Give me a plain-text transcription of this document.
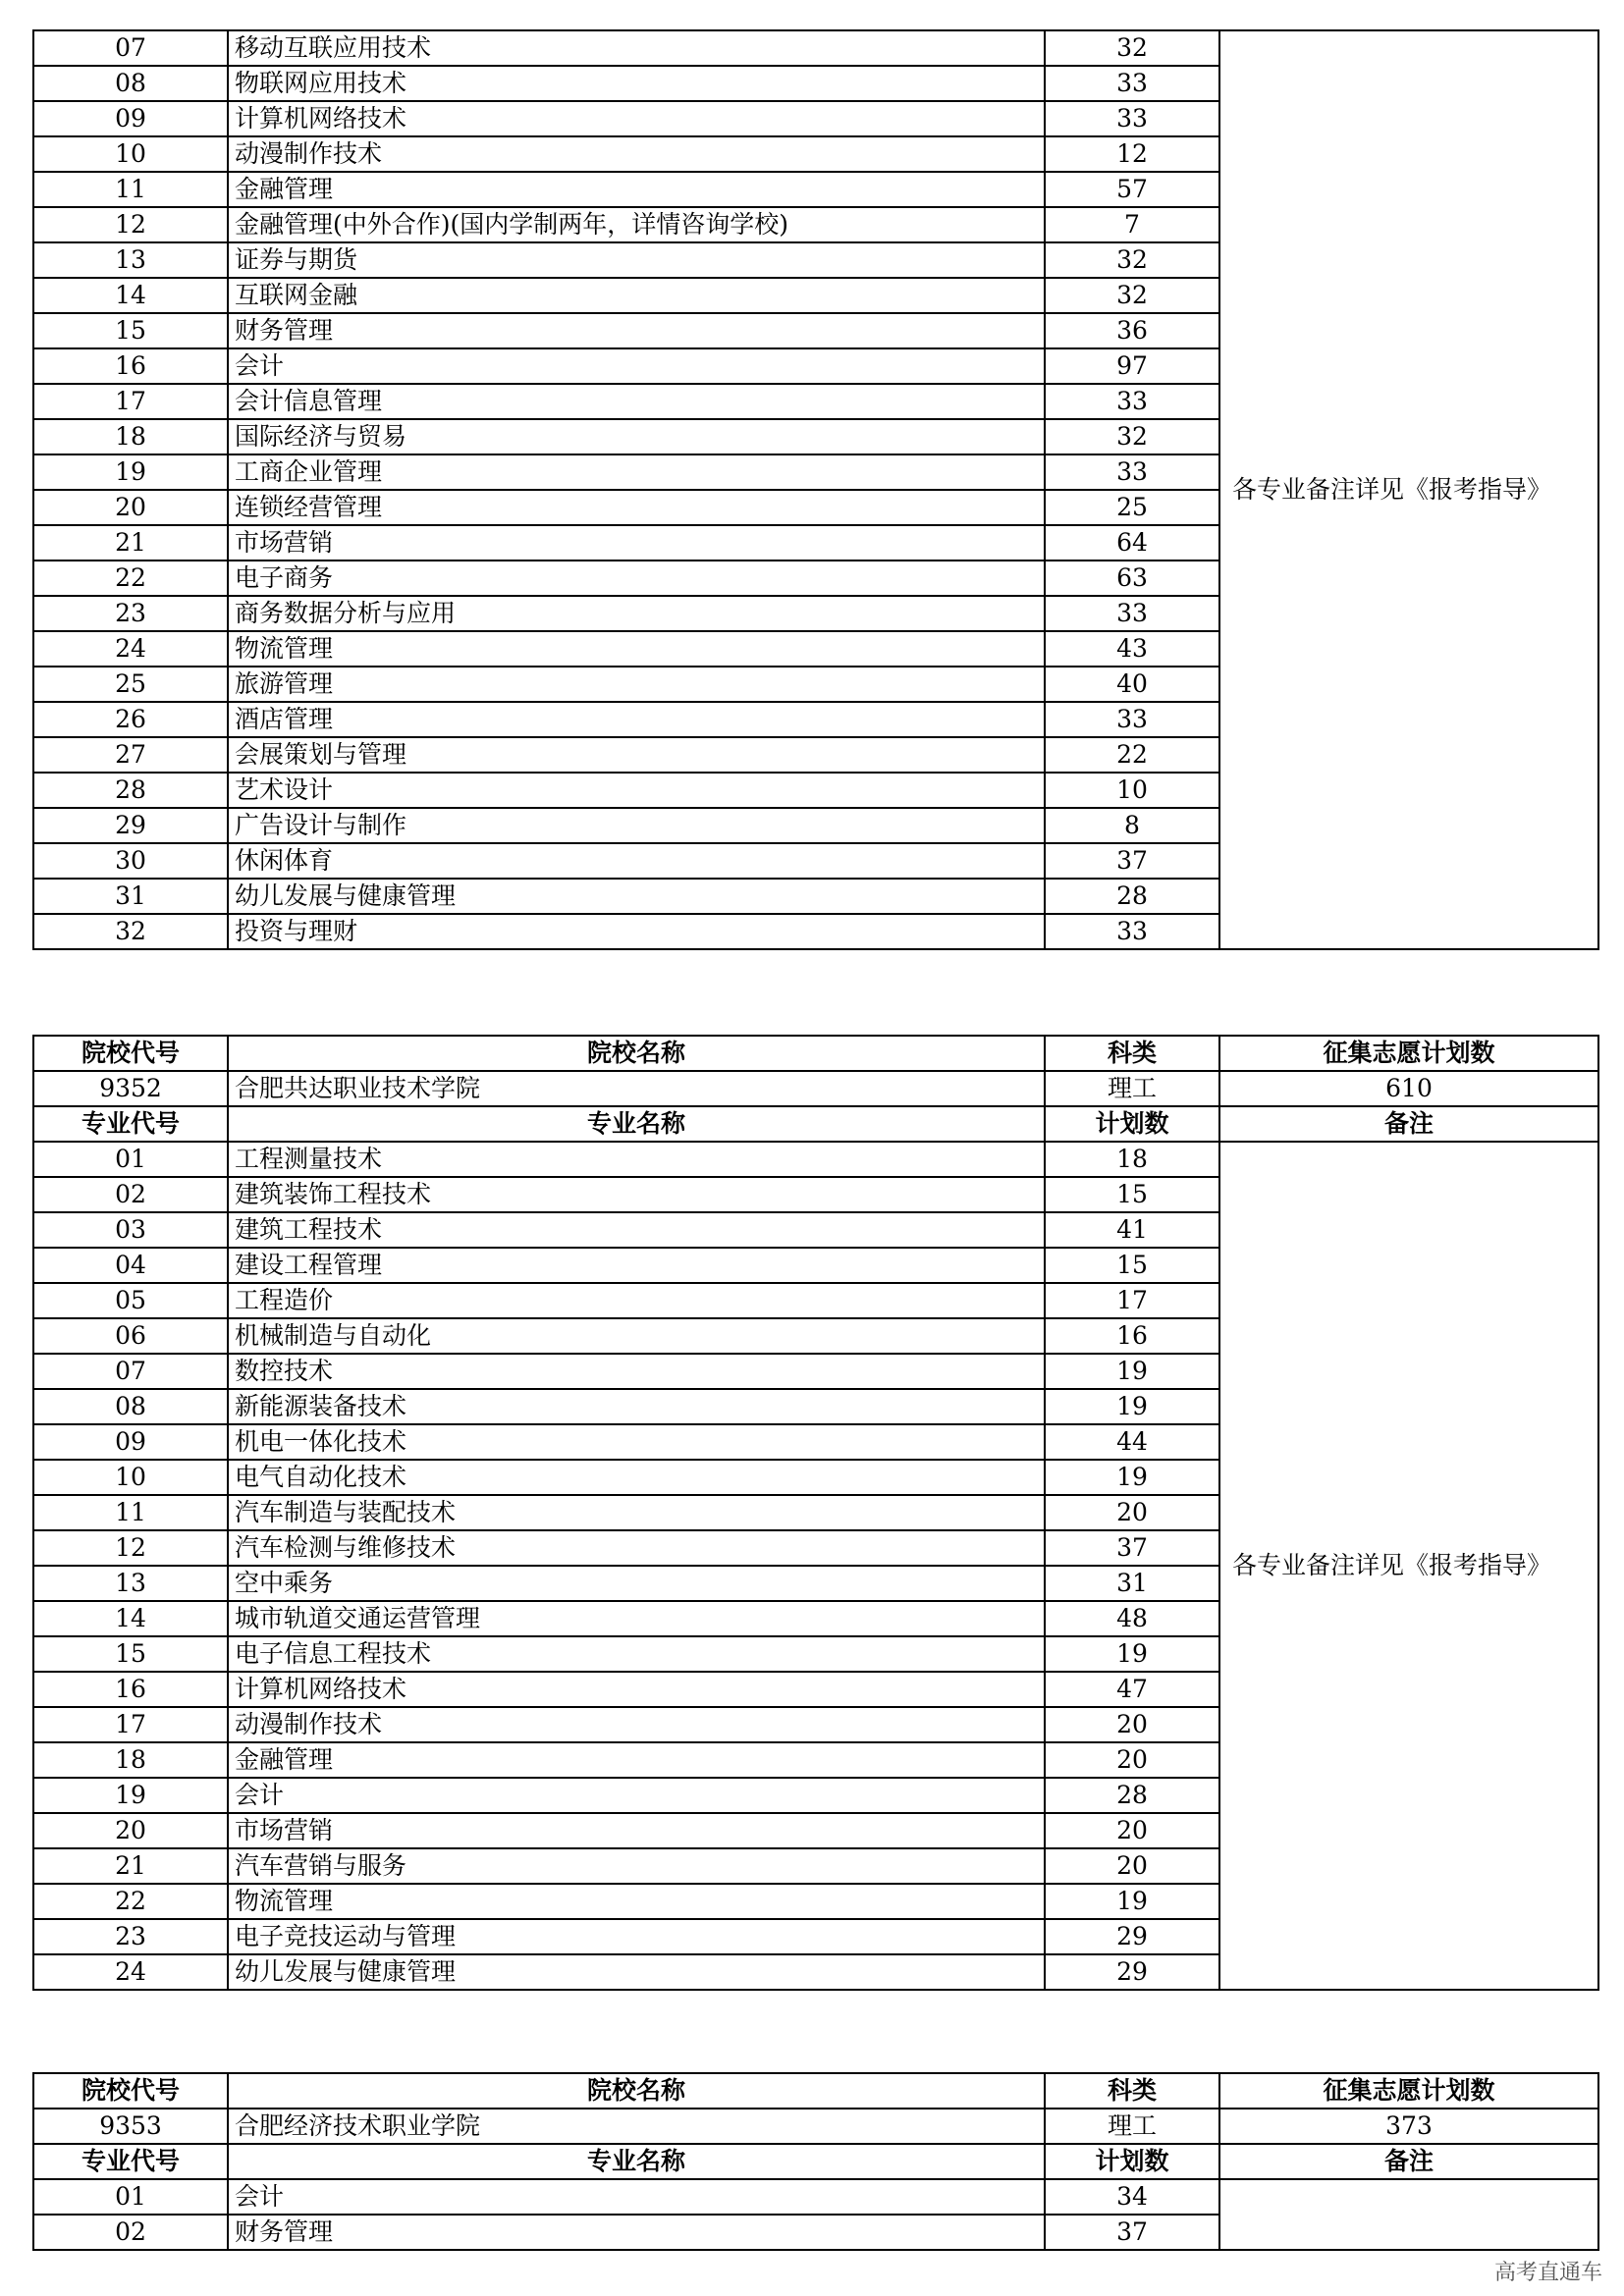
07	移动互联应用技术	32	各专业备注详见《报考指导》
08	物联网应用技术	33	
09	计算机网络技术	33	
10	动漫制作技术	12	
11	金融管理	57	
12	金融管理(中外合作)(国内学制两年，详情咨询学校)	7	
13	证券与期货	32	
14	互联网金融	32	
15	财务管理	36	
16	会计	97	
17	会计信息管理	33	
18	国际经济与贸易	32	
19	工商企业管理	33	
20	连锁经营管理	25	
21	市场营销	64	
22	电子商务	63	
23	商务数据分析与应用	33	
24	物流管理	43	
25	旅游管理	40	
26	酒店管理	33	
27	会展策划与管理	22	
28	艺术设计	10	
29	广告设计与制作	8	
30	休闲体育	37	
31	幼儿发展与健康管理	28	
32	投资与理财	33	
院校代号	院校名称	科类	征集志愿计划数
9352	合肥共达职业技术学院	理工	610
专业代号	专业名称	计划数	备注
01	工程测量技术	18	各专业备注详见《报考指导》
02	建筑装饰工程技术	15	
03	建筑工程技术	41	
04	建设工程管理	15	
05	工程造价	17	
06	机械制造与自动化	16	
07	数控技术	19	
08	新能源装备技术	19	
09	机电一体化技术	44	
10	电气自动化技术	19	
11	汽车制造与装配技术	20	
12	汽车检测与维修技术	37	
13	空中乘务	31	
14	城市轨道交通运营管理	48	
15	电子信息工程技术	19	
16	计算机网络技术	47	
17	动漫制作技术	20	
18	金融管理	20	
19	会计	28	
20	市场营销	20	
21	汽车营销与服务	20	
22	物流管理	19	
23	电子竞技运动与管理	29	
24	幼儿发展与健康管理	29	
院校代号	院校名称	科类	征集志愿计划数
9353	合肥经济技术职业学院	理工	373
专业代号	专业名称	计划数	备注
01	会计	34	
02	财务管理	37	
高考直通车
